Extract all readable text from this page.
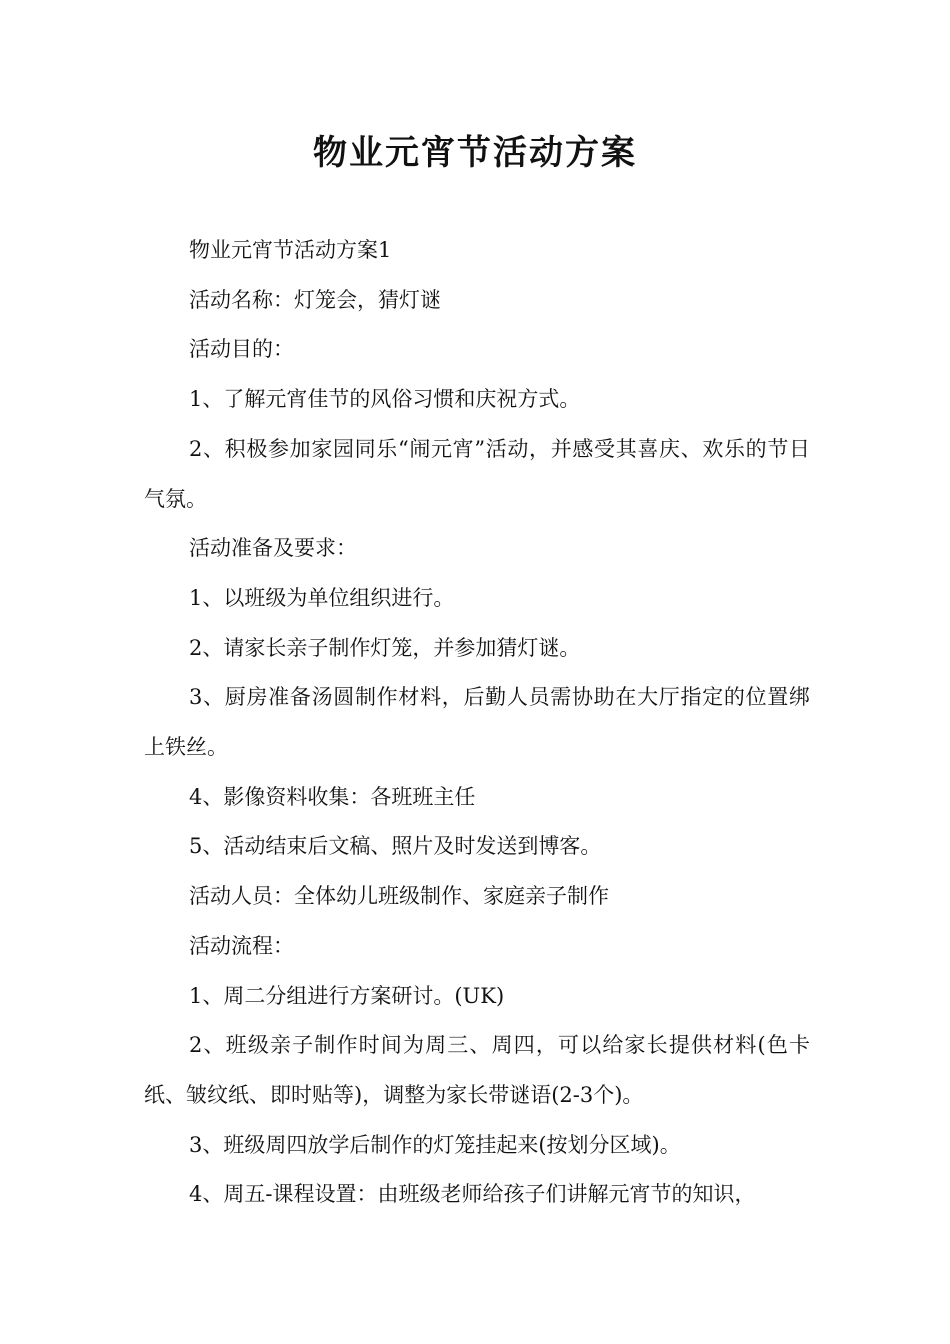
物业元宵节活动方案

物业元宵节活动方案1

活动名称：灯笼会，猜灯谜

活动目的：

1、了解元宵佳节的风俗习惯和庆祝方式。

2、积极参加家园同乐“闹元宵”活动，并感受其喜庆、欢乐的节日气氛。

活动准备及要求：

1、以班级为单位组织进行。

2、请家长亲子制作灯笼，并参加猜灯谜。

3、厨房准备汤圆制作材料，后勤人员需协助在大厅指定的位置绑上铁丝。

4、影像资料收集：各班班主任

5、活动结束后文稿、照片及时发送到博客。

活动人员：全体幼儿班级制作、家庭亲子制作

活动流程：

1、周二分组进行方案研讨。(UK)

2、班级亲子制作时间为周三、周四，可以给家长提供材料(色卡纸、皱纹纸、即时贴等)，调整为家长带谜语(2-3个)。

3、班级周四放学后制作的灯笼挂起来(按划分区域)。

4、周五-课程设置：由班级老师给孩子们讲解元宵节的知识，
